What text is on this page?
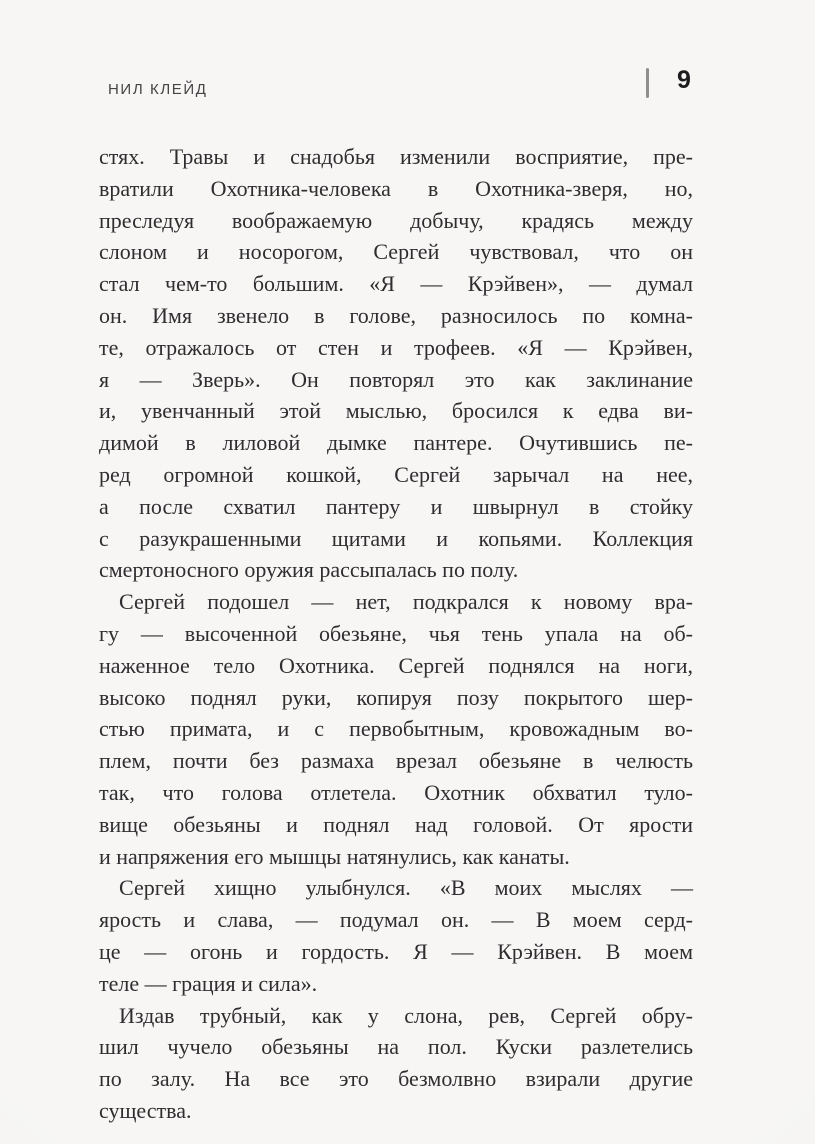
НИЛ КЛЕЙД	9
стях. Травы и снадобья изменили восприятие, пре-
вратили Охотника-человека в Охотника-зверя, но,
преследуя воображаемую добычу, крадясь между
слоном и носорогом, Сергей чувствовал, что он
стал чем-то большим. «Я — Крэйвен», — думал
он. Имя звенело в голове, разносилось по комна-
те, отражалось от стен и трофеев. «Я — Крэйвен,
я — Зверь». Он повторял это как заклинание
и, увенчанный этой мыслью, бросился к едва ви-
димой в лиловой дымке пантере. Очутившись пе-
ред огромной кошкой, Сергей зарычал на нее,
а после схватил пантеру и швырнул в стойку
с разукрашенными щитами и копьями. Коллекция
смертоносного оружия рассыпалась по полу.
Сергей подошел — нет, подкрался к новому вра-
гу — высоченной обезьяне, чья тень упала на об-
наженное тело Охотника. Сергей поднялся на ноги,
высоко поднял руки, копируя позу покрытого шер-
стью примата, и с первобытным, кровожадным во-
плем, почти без размаха врезал обезьяне в челюсть
так, что голова отлетела. Охотник обхватил туло-
вище обезьяны и поднял над головой. От ярости
и напряжения его мышцы натянулись, как канаты.
Сергей хищно улыбнулся. «В моих мыслях —
ярость и слава, — подумал он. — В моем серд-
це — огонь и гордость. Я — Крэйвен. В моем
теле — грация и сила».
Издав трубный, как у слона, рев, Сергей обру-
шил чучело обезьяны на пол. Куски разлетелись
по залу. На все это безмолвно взирали другие
существа.
